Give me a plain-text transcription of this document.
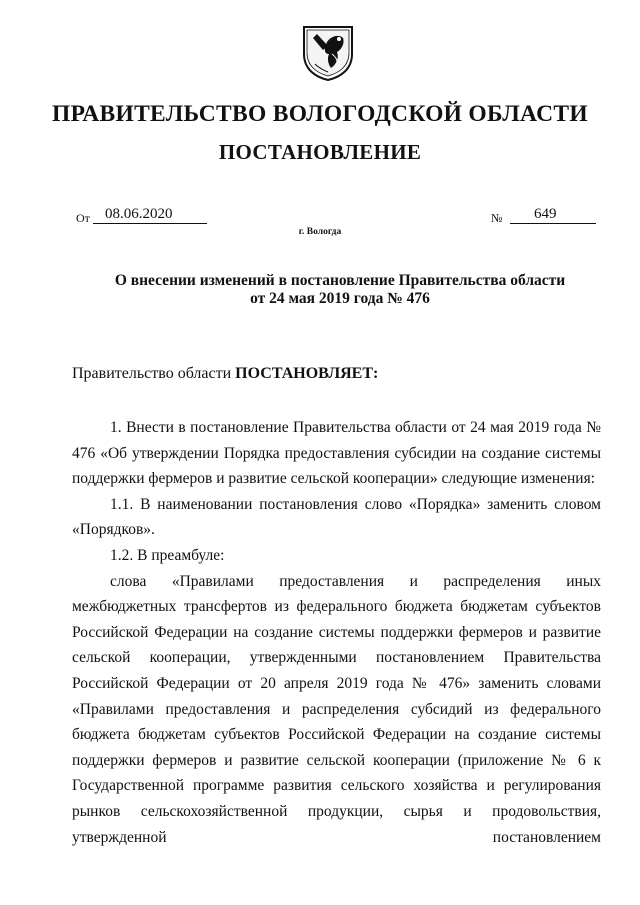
ПРАВИТЕЛЬСТВО ВОЛОГОДСКОЙ ОБЛАСТИ
ПОСТАНОВЛЕНИЕ
От	08.06.2020	№	649
г. Вологда
О внесении изменений в постановление Правительства области
от 24 мая 2019 года № 476
Правительство области ПОСТАНОВЛЯЕТ:

1. Внести в постановление Правительства области от 24 мая 2019 года № 476 «Об утверждении Порядка предоставления субсидии на создание системы поддержки фермеров и развитие сельской кооперации» следующие изменения:

1.1. В наименовании постановления слово «Порядка» заменить словом «Порядков».

1.2. В преамбуле:

слова «Правилами предоставления и распределения иных межбюджетных трансфертов из федерального бюджета бюджетам субъектов Российской Федерации на создание системы поддержки фермеров и развитие сельской кооперации, утвержденными постановлением Правительства Российской Федерации от 20 апреля 2019 года № 476» заменить словами «Правилами предоставления и распределения субсидий из федерального бюджета бюджетам субъектов Российской Федерации на создание системы поддержки фермеров и развитие сельской кооперации (приложение № 6 к Государственной программе развития сельского хозяйства и регулирования рынков сельскохозяйственной продукции, сырья и продовольствия, утвержденной постановлением
